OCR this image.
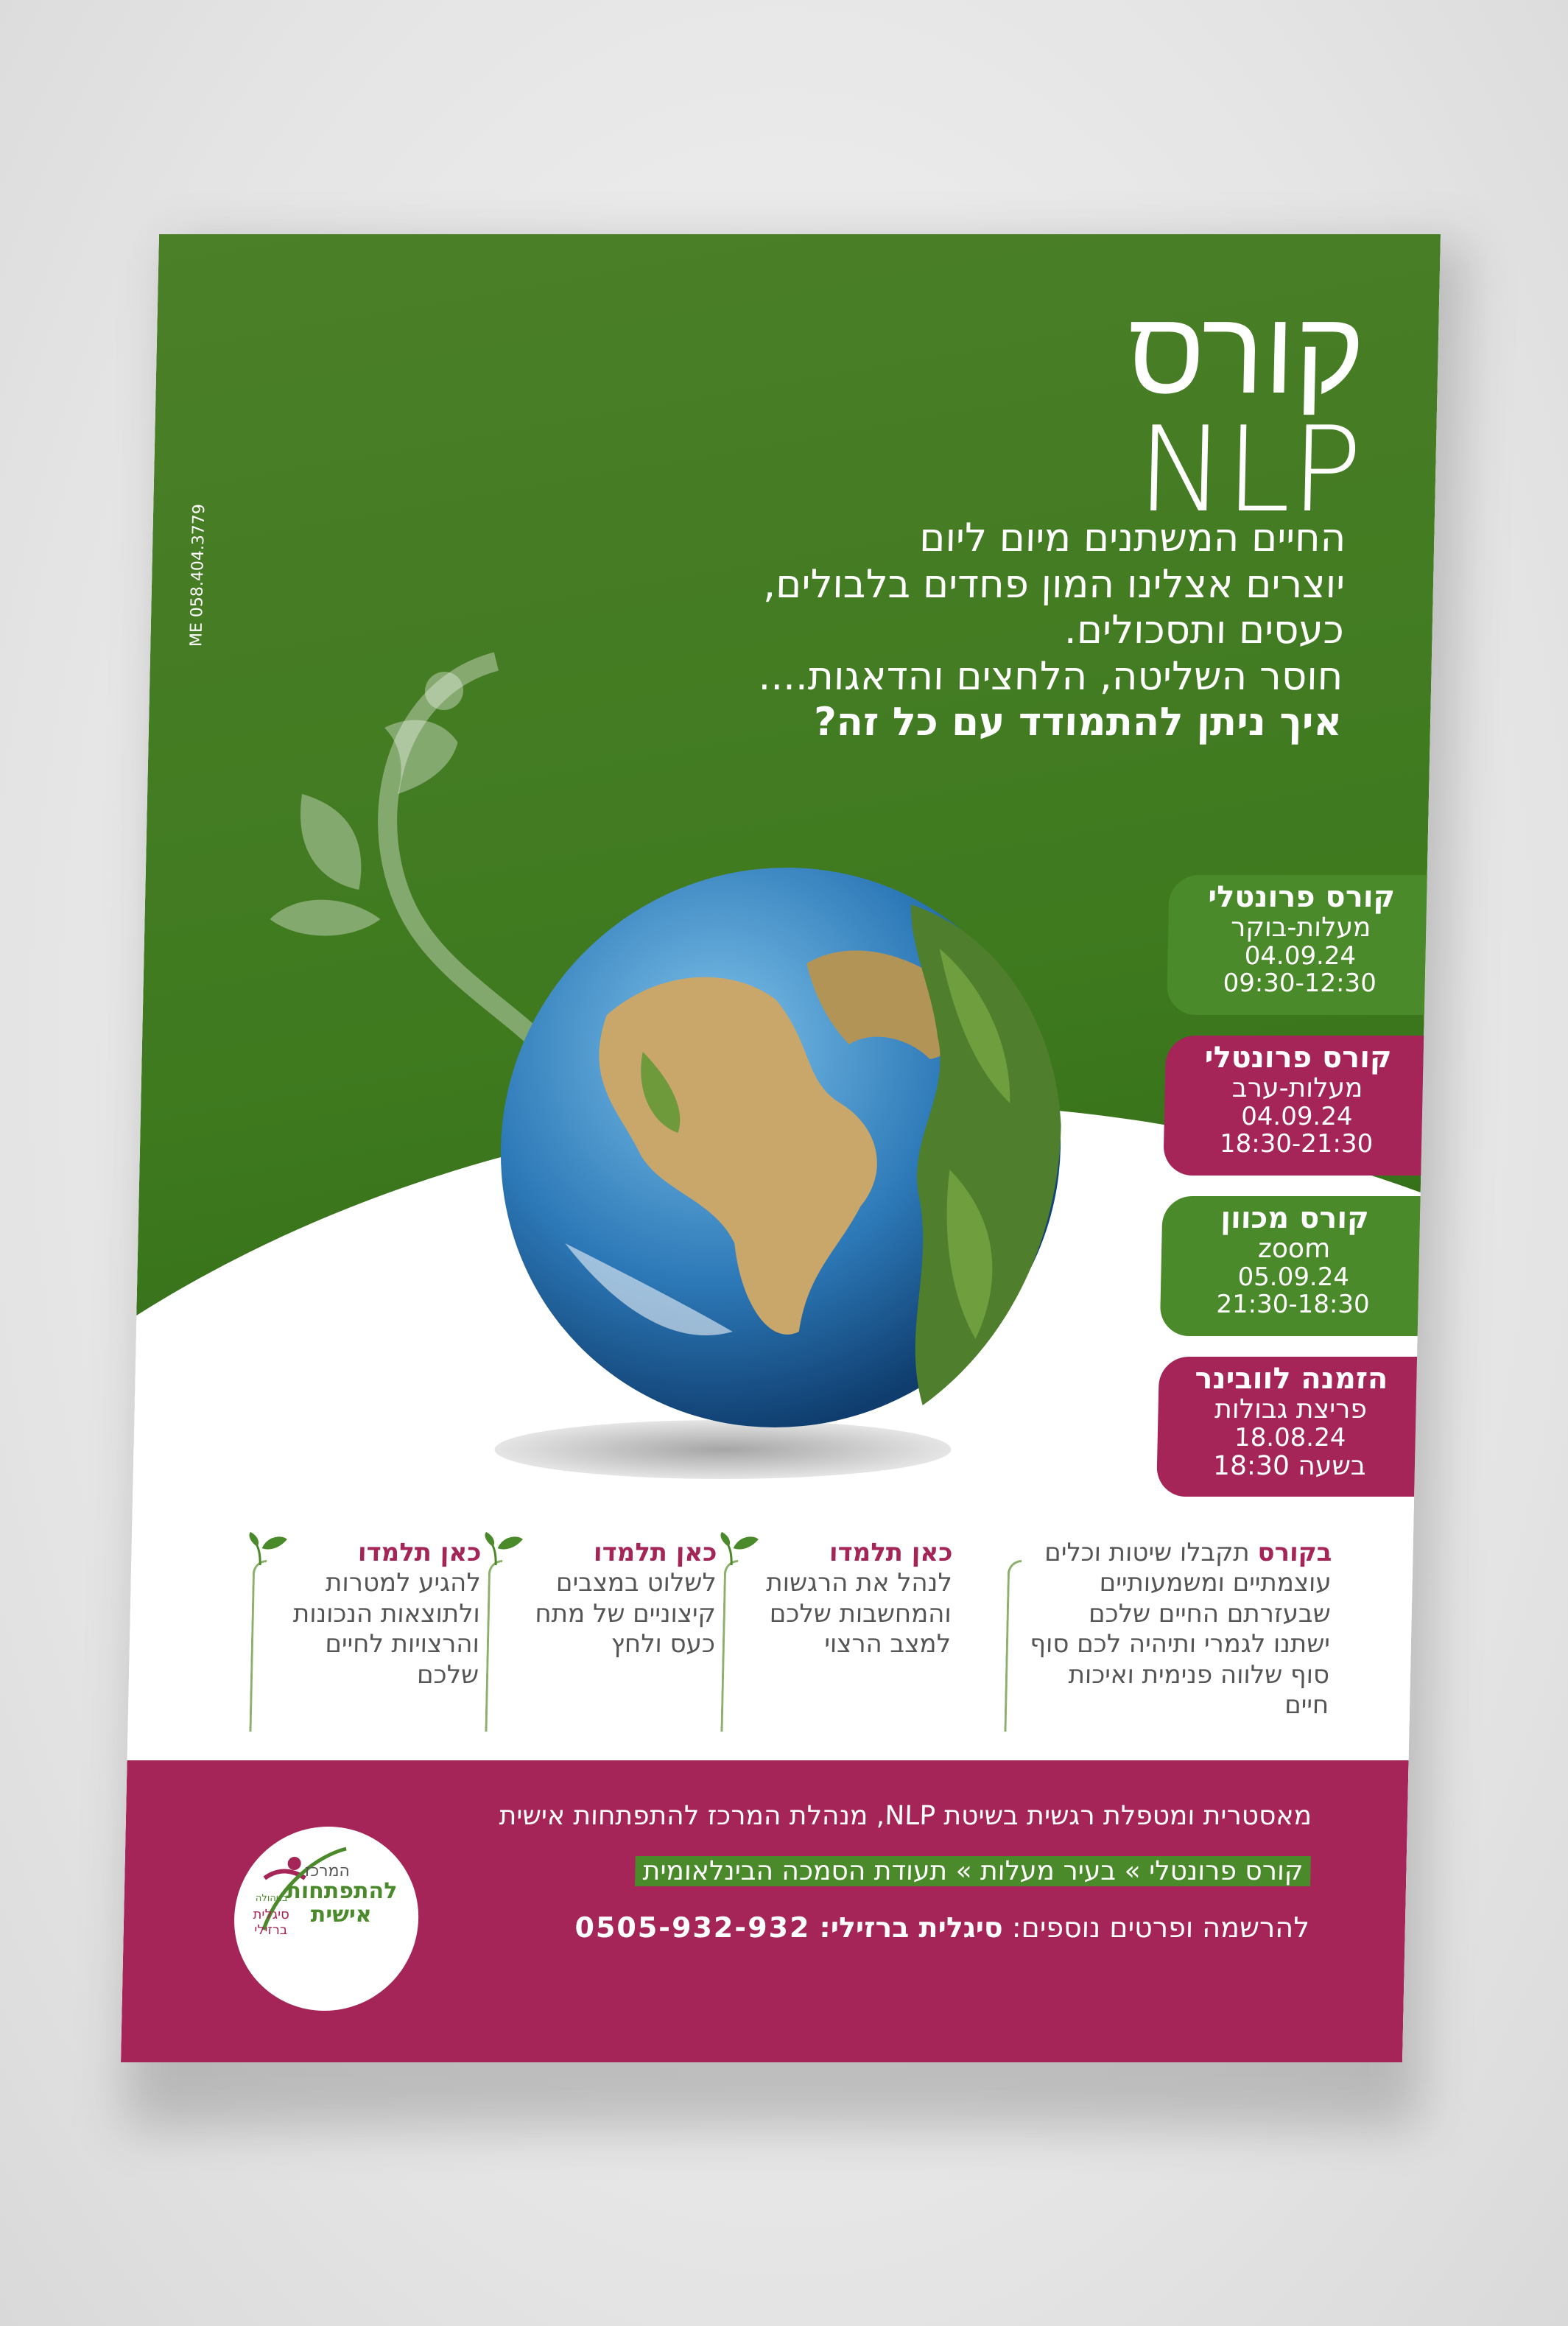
קורס
NLP
ME 058.404.3779	החיים המשתנים מיום ליום
יוצרים אצלינו המון פחדים בלבולים,
כעסים ותסכולים.
חוסר השליטה, הלחצים והדאגות....
איך ניתן להתמודד עם כל זה?
קורס פרונטלי
מעלות-בוקר
04.09.24
09:30-12:30
קורס פרונטלי
מעלות-ערב
04.09.24
18:30-21:30
קורס מכוון
zoom
05.09.24
21:30-18:30
הזמנה לוובינר
פריצת גבולות
18.08.24
בשעה 18:30
בקורס תקבלו שיטות וכלים עוצמתיים ומשמעותיים שבעזרתם החיים שלכם ישתנו לגמרי ותיהיה לכם סוף סוף שלווה פנימית ואיכות חיים
כאן תלמדו
לנהל את הרגשות והמחשבות שלכם למצב הרצוי
כאן תלמדו
לשלוט במצבים קיצוניים של מתח כעס ולחץ
כאן תלמדו
להגיע למטרות ולתוצאות הנכונות והרצויות לחיים שלכם
המרכז
להתפתחות אישית
בניהולה
סיגלית ברזילי
מאסטרית ומטפלת רגשית בשיטת NLP, מנהלת המרכז להתפתחות אישית
קורס פרונטלי » בעיר מעלות » תעודת הסמכה הבינלאומית
להרשמה ופרטים נוספים: סיגלית ברזילי: 0505-932-932
